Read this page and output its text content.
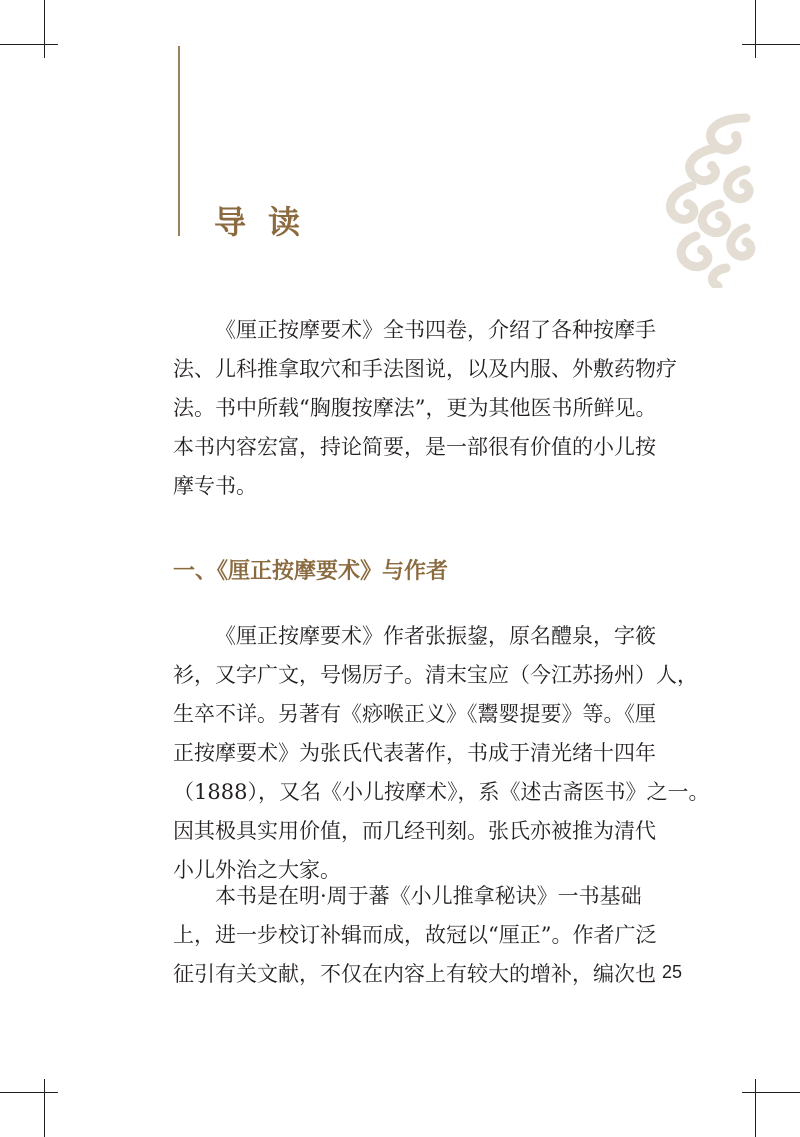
导读
《厘正按摩要术》全书四卷，介绍了各种按摩手
法、儿科推拿取穴和手法图说，以及内服、外敷药物疗
法。书中所载“胸腹按摩法”，更为其他医书所鲜见。
本书内容宏富，持论简要，是一部很有价值的小儿按
摩专书。
一、《厘正按摩要术》与作者
《厘正按摩要术》作者张振鋆，原名醴泉，字筱
衫，又字广文，号惕厉子。清末宝应（今江苏扬州）人，
生卒不详。另著有《痧喉正义》《鬻婴提要》等。《厘
正按摩要术》为张氏代表著作，书成于清光绪十四年
（1888），又名《小儿按摩术》，系《述古斋医书》之一。
因其极具实用价值，而几经刊刻。张氏亦被推为清代
小儿外治之大家。
本书是在明·周于蕃《小儿推拿秘诀》一书基础
上，进一步校订补辑而成，故冠以“厘正”。作者广泛
征引有关文献，不仅在内容上有较大的增补，编次也 25
